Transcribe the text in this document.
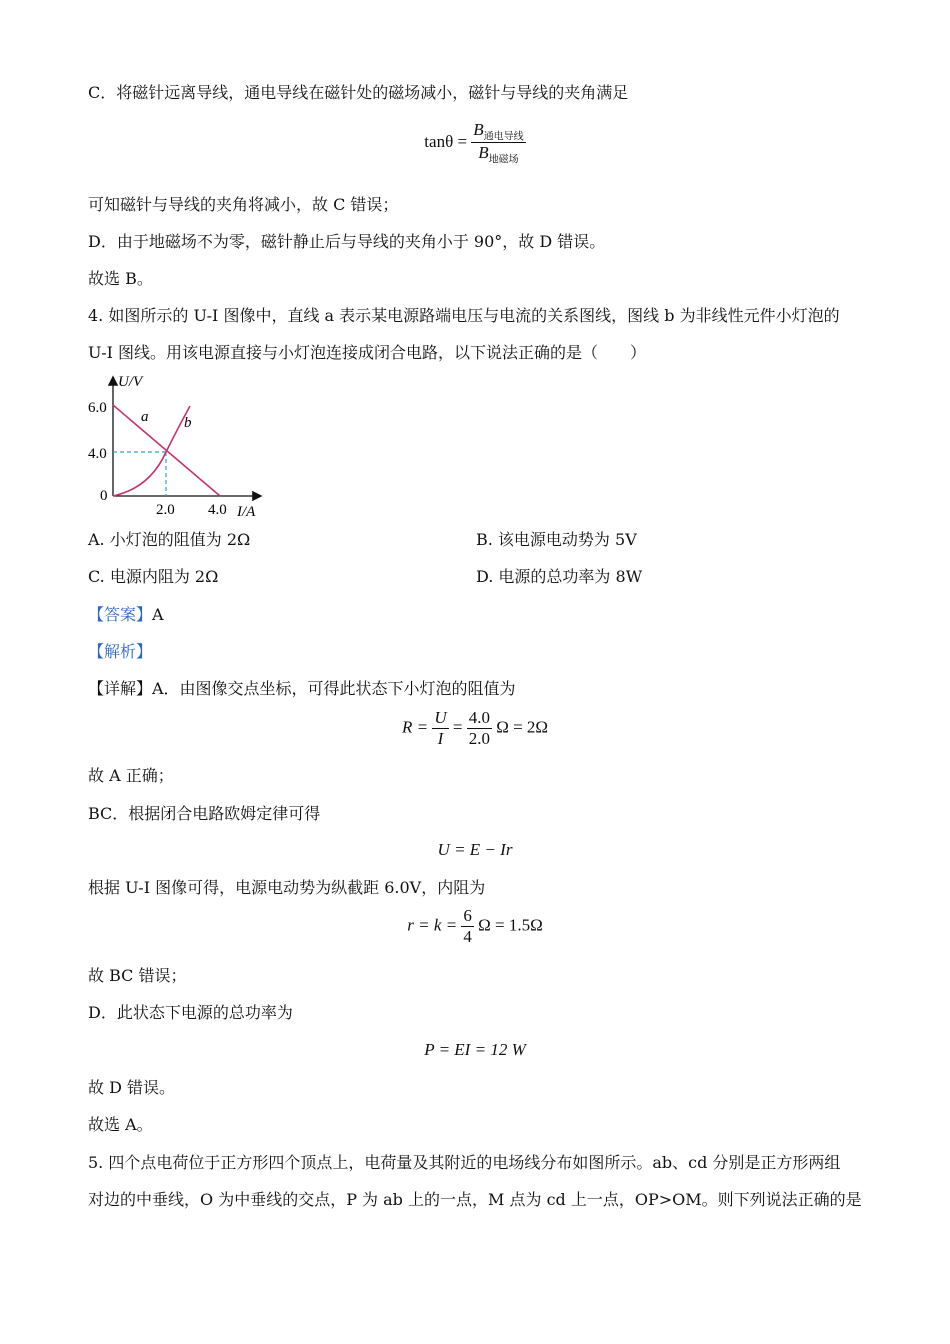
C．将磁针远离导线，通电导线在磁针处的磁场减小，磁针与导线的夹角满足
$\tan\theta = \frac{B_{通电导线}}{B_{地磁场}}$
可知磁针与导线的夹角将减小，故 C 错误；
D．由于地磁场不为零，磁针静止后与导线的夹角小于 90°，故 D 错误。
故选 B。
4. 如图所示的 U-I 图像中，直线 a 表示某电源路端电压与电流的关系图线，图线 b 为非线性元件小灯泡的
U-I 图线。用该电源直接与小灯泡连接成闭合电路，以下说法正确的是（　　）
U/V
I/A
6.0
4.0
0
2.0 4.0
a b
A. 小灯泡的阻值为 2Ω	B. 该电源电动势为 5V
C. 电源内阻为 2Ω	D. 电源的总功率为 8W
【答案】A
【解析】
【详解】A．由图像交点坐标，可得此状态下小灯泡的阻值为
$R = \frac{U}{I} = \frac{4.0}{2.0}$ Ω = 2Ω
故 A 正确；
BC．根据闭合电路欧姆定律可得
U = E − Ir
根据 U-I 图像可得，电源电动势为纵截距 6.0V，内阻为
$r = k = \frac{6}{4}$ Ω = 1.5Ω
故 BC 错误；
D．此状态下电源的总功率为
P = EI = 12 W
故 D 错误。
故选 A。
5. 四个点电荷位于正方形四个顶点上，电荷量及其附近的电场线分布如图所示。ab、cd 分别是正方形两组
对边的中垂线，O 为中垂线的交点，P 为 ab 上的一点，M 点为 cd 上一点，OP>OM。则下列说法正确的是
